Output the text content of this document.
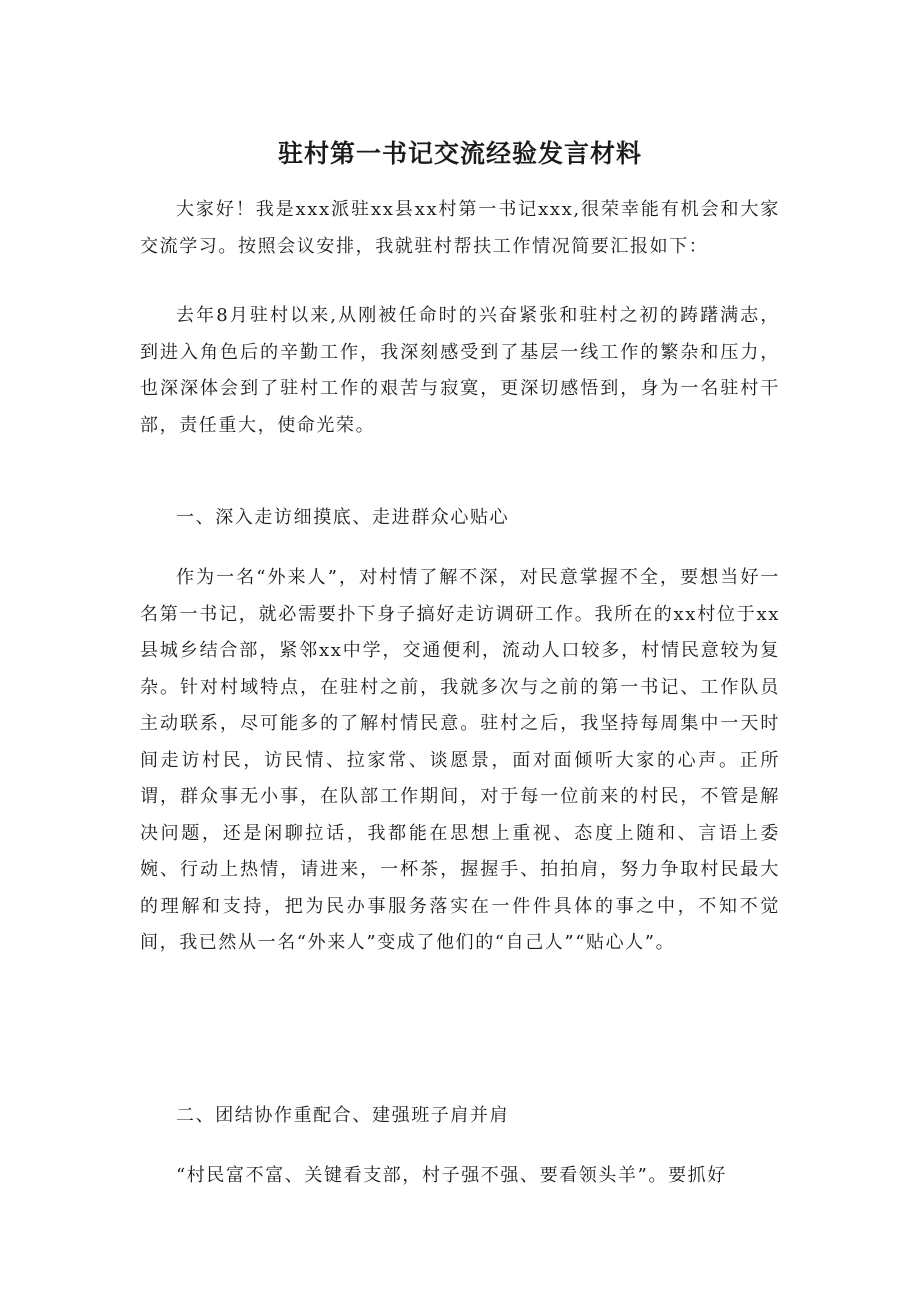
驻村第一书记交流经验发言材料

大家好！我是xxx派驻xx县xx村第一书记xxx,很荣幸能有机会和大家交流学习。按照会议安排，我就驻村帮扶工作情况简要汇报如下：

去年8月驻村以来,从刚被任命时的兴奋紧张和驻村之初的踌躇满志，到进入角色后的辛勤工作，我深刻感受到了基层一线工作的繁杂和压力，也深深体会到了驻村工作的艰苦与寂寞，更深切感悟到，身为一名驻村干部，责任重大，使命光荣。

一、深入走访细摸底、走进群众心贴心

作为一名“外来人”，对村情了解不深，对民意掌握不全，要想当好一名第一书记，就必需要扑下身子搞好走访调研工作。我所在的xx村位于xx县城乡结合部，紧邻xx中学，交通便利，流动人口较多，村情民意较为复杂。针对村域特点，在驻村之前，我就多次与之前的第一书记、工作队员主动联系，尽可能多的了解村情民意。驻村之后，我坚持每周集中一天时间走访村民，访民情、拉家常、谈愿景，面对面倾听大家的心声。正所谓，群众事无小事，在队部工作期间，对于每一位前来的村民，不管是解决问题，还是闲聊拉话，我都能在思想上重视、态度上随和、言语上委婉、行动上热情，请进来，一杯茶，握握手、拍拍肩，努力争取村民最大的理解和支持，把为民办事服务落实在一件件具体的事之中，不知不觉间，我已然从一名“外来人”变成了他们的“自己人”“贴心人”。

二、团结协作重配合、建强班子肩并肩

“村民富不富、关键看支部，村子强不强、要看领头羊”。要抓好
